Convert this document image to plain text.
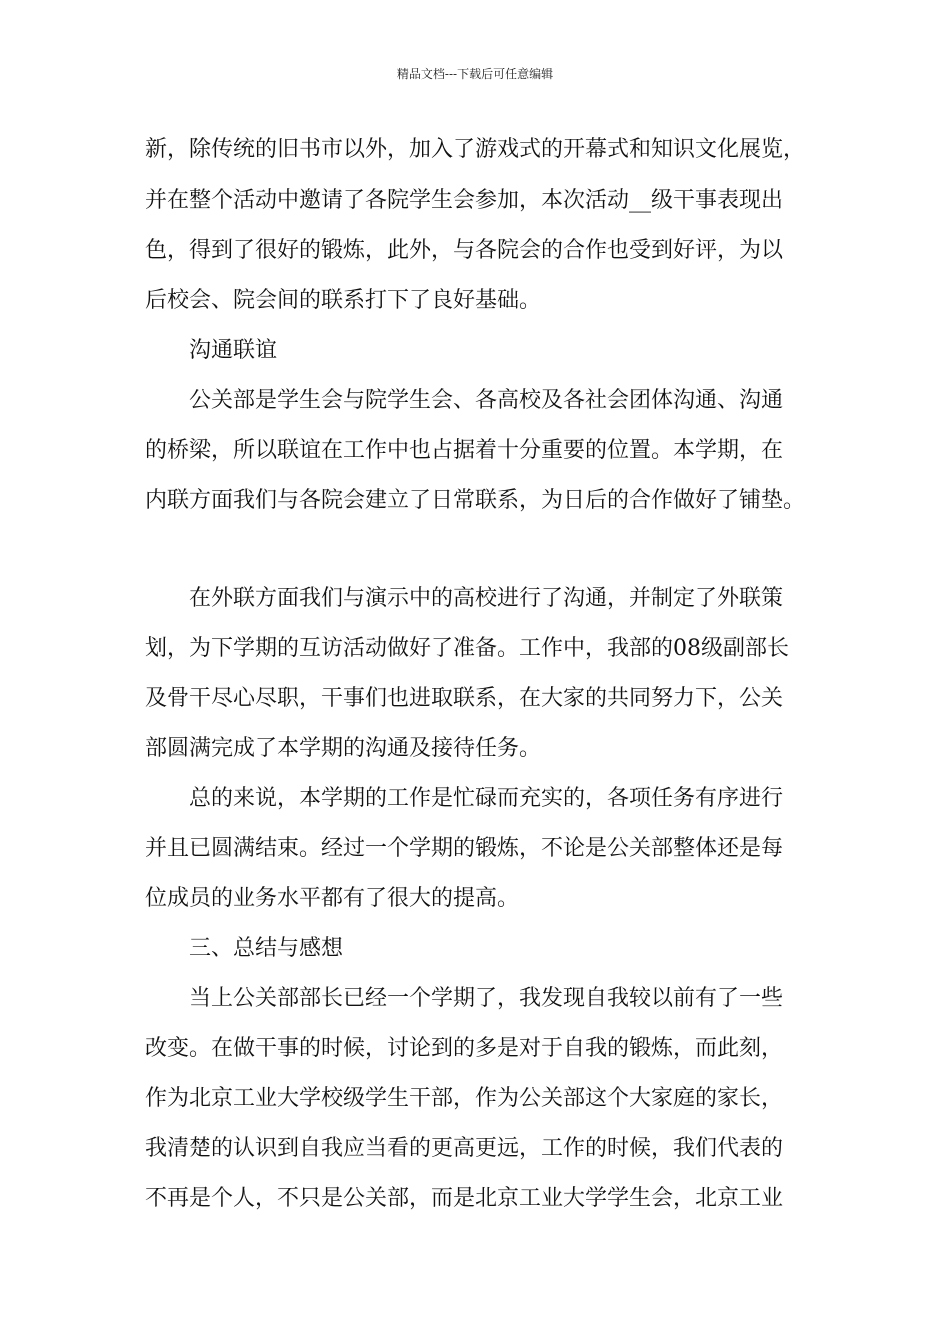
精品文档---下载后可任意编辑
新，除传统的旧书市以外，加入了游戏式的开幕式和知识文化展览，
并在整个活动中邀请了各院学生会参加，本次活动__级干事表现出
色，得到了很好的锻炼，此外，与各院会的合作也受到好评，为以
后校会、院会间的联系打下了良好基础。
沟通联谊
公关部是学生会与院学生会、各高校及各社会团体沟通、沟通
的桥梁，所以联谊在工作中也占据着十分重要的位置。本学期，在
内联方面我们与各院会建立了日常联系，为日后的合作做好了铺垫。
在外联方面我们与演示中的高校进行了沟通，并制定了外联策
划，为下学期的互访活动做好了准备。工作中，我部的08级副部长
及骨干尽心尽职，干事们也进取联系，在大家的共同努力下，公关
部圆满完成了本学期的沟通及接待任务。
总的来说，本学期的工作是忙碌而充实的，各项任务有序进行
并且已圆满结束。经过一个学期的锻炼，不论是公关部整体还是每
位成员的业务水平都有了很大的提高。
三、总结与感想
当上公关部部长已经一个学期了，我发现自我较以前有了一些
改变。在做干事的时候，讨论到的多是对于自我的锻炼，而此刻，
作为北京工业大学校级学生干部，作为公关部这个大家庭的家长，
我清楚的认识到自我应当看的更高更远，工作的时候，我们代表的
不再是个人，不只是公关部，而是北京工业大学学生会，北京工业
